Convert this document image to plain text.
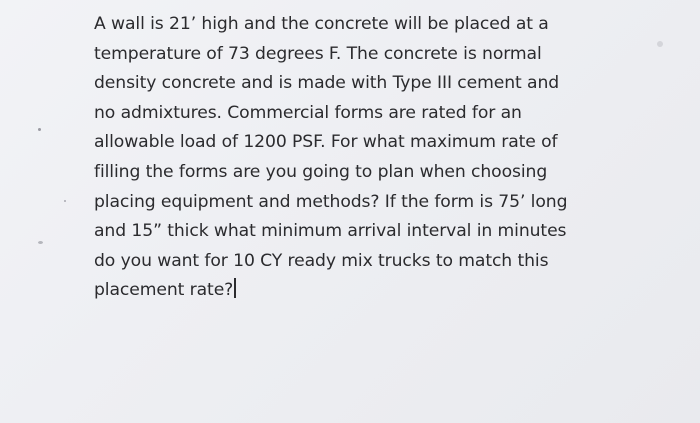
A wall is 21’ high and the concrete will be placed at a
temperature of 73 degrees F. The concrete is normal
density concrete and is made with Type III cement and
no admixtures. Commercial forms are rated for an
allowable load of 1200 PSF. For what maximum rate of
filling the forms are you going to plan when choosing
placing equipment and methods? If the form is 75’ long
and 15” thick what minimum arrival interval in minutes
do you want for 10 CY ready mix trucks to match this
placement rate?
